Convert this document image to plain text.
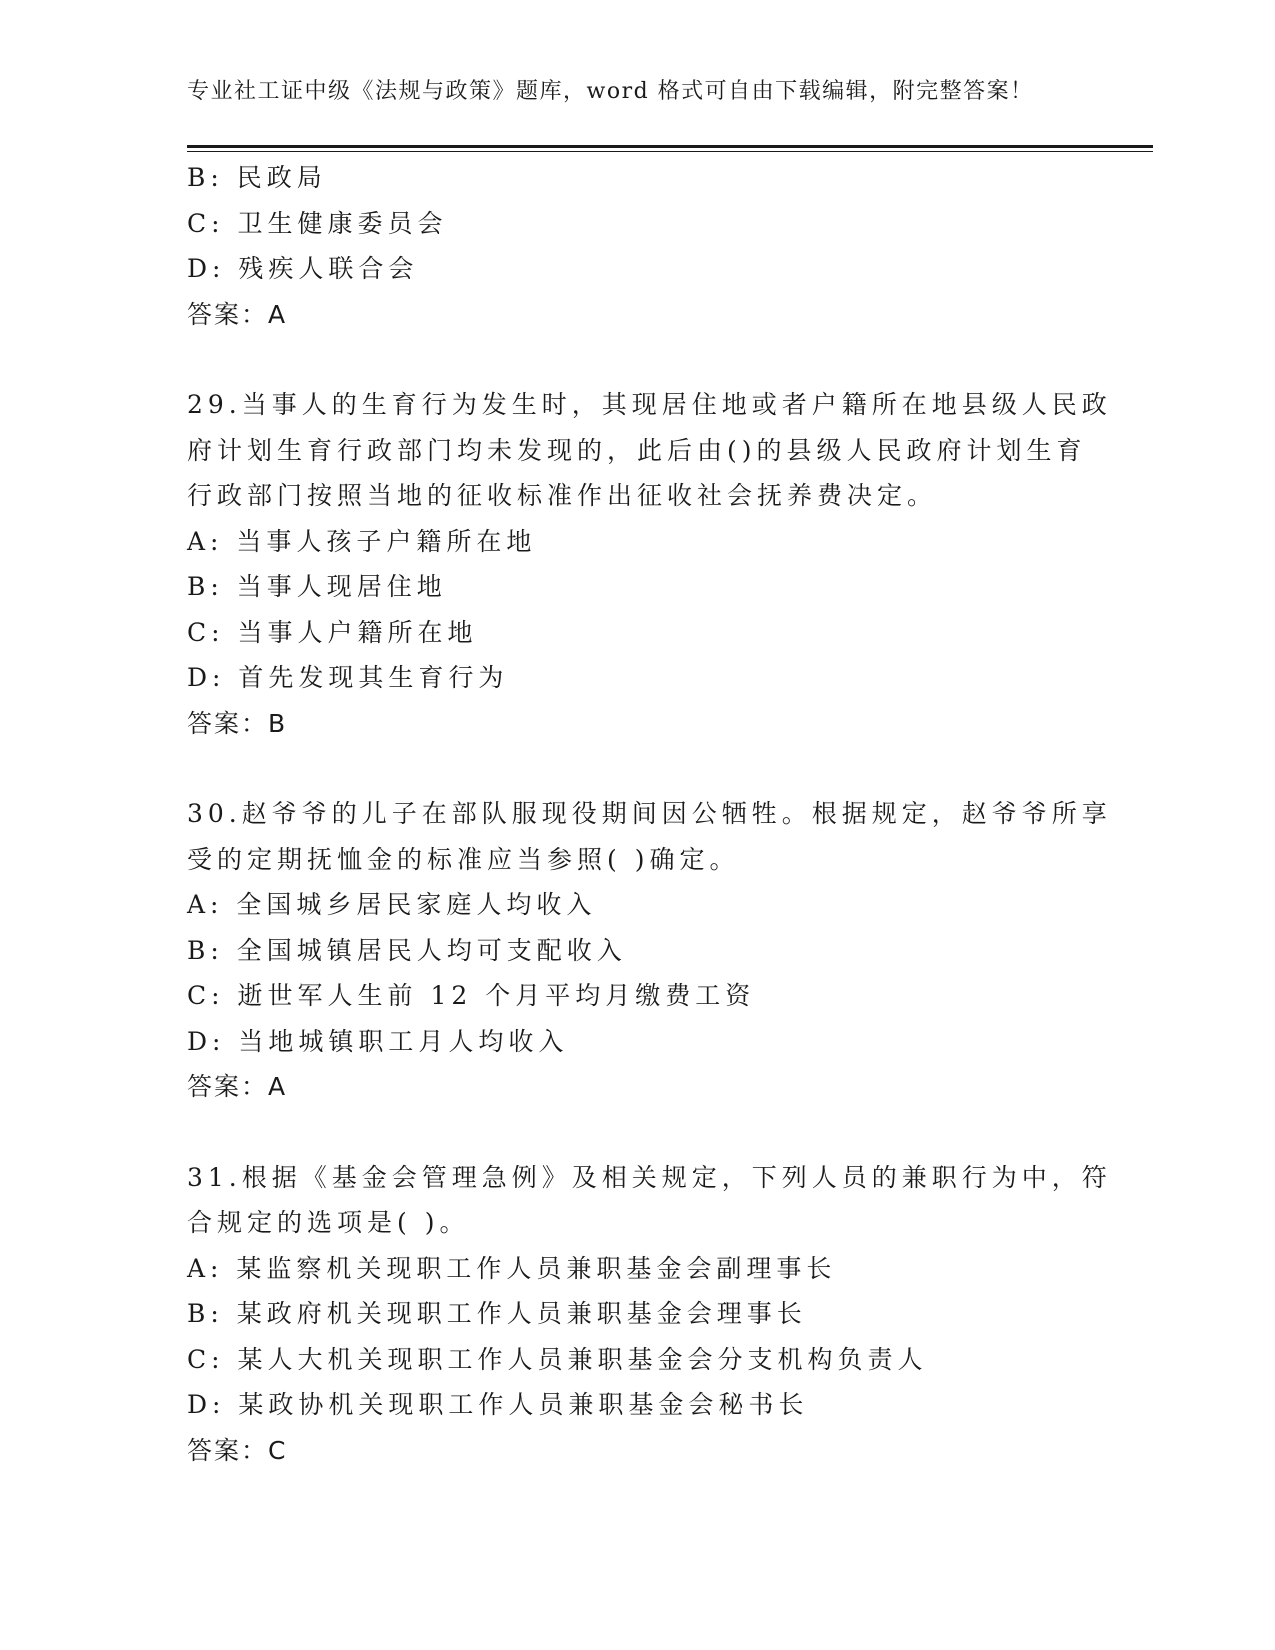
专业社工证中级《法规与政策》题库，word 格式可自由下载编辑，附完整答案！
B: 民政局
C: 卫生健康委员会
D: 残疾人联合会
答案：A
29.当事人的生育行为发生时，其现居住地或者户籍所在地县级人民政
府计划生育行政部门均未发现的，此后由()的县级人民政府计划生育
行政部门按照当地的征收标准作出征收社会抚养费决定。
A: 当事人孩子户籍所在地
B: 当事人现居住地
C: 当事人户籍所在地
D: 首先发现其生育行为
答案：B
30.赵爷爷的儿子在部队服现役期间因公牺牲。根据规定，赵爷爷所享
受的定期抚恤金的标准应当参照( )确定。
A: 全国城乡居民家庭人均收入
B: 全国城镇居民人均可支配收入
C: 逝世军人生前 12 个月平均月缴费工资
D: 当地城镇职工月人均收入
答案：A
31.根据《基金会管理急例》及相关规定，下列人员的兼职行为中，符
合规定的选项是( )。
A: 某监察机关现职工作人员兼职基金会副理事长
B: 某政府机关现职工作人员兼职基金会理事长
C: 某人大机关现职工作人员兼职基金会分支机构负责人
D: 某政协机关现职工作人员兼职基金会秘书长
答案：C
